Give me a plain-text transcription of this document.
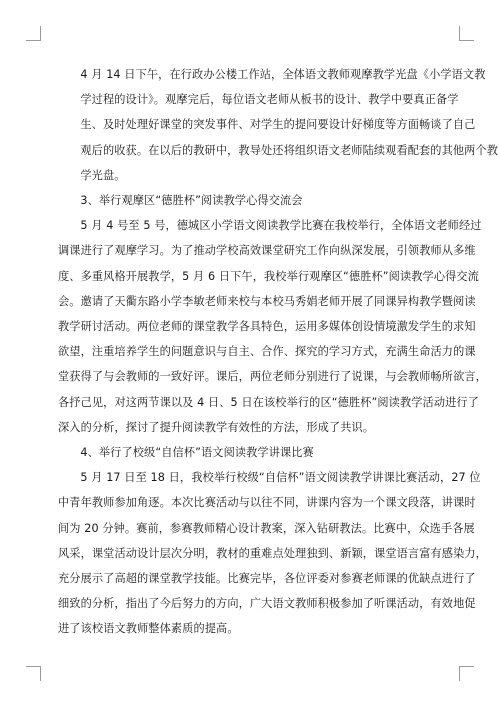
4 月 14 日下午，在行政办公楼工作站，全体语文教师观摩教学光盘《小学语文教
学过程的设计》。观摩完后，每位语文老师从板书的设计、教学中要真正备学
生、及时处理好课堂的突发事件、对学生的提问要设计好梯度等方面畅谈了自己
观后的收获。在以后的教研中，教导处还将组织语文老师陆续观看配套的其他两个教
学光盘。
3、举行观摩区“德胜杯”阅读教学心得交流会
5 月 4 号至 5 号，德城区小学语文阅读教学比赛在我校举行，全体语文老师经过
调课进行了观摩学习。为了推动学校高效课堂研究工作向纵深发展，引领教师从多维
度、多重风格开展教学，5 月 6 日下午，我校举行观摩区“德胜杯”阅读教学心得交流
会。邀请了天衢东路小学李敏老师来校与本校马秀娟老师开展了同课异构教学暨阅读
教学研讨活动。两位老师的课堂教学各具特色，运用多媒体创设情境激发学生的求知
欲望，注重培养学生的问题意识与自主、合作、探究的学习方式，充满生命活力的课
堂获得了与会教师的一致好评。课后，两位老师分别进行了说课，与会教师畅所欲言，
各抒己见，对这两节课以及 4 日、5 日在该校举行的区“德胜杯”阅读教学活动进行了
深入的分析，探讨了提升阅读教学有效性的方法，形成了共识。
4、举行了校级“自信杯”语文阅读教学讲课比赛
5 月 17 日至 18 日，我校举行校级“自信杯”语文阅读教学讲课比赛活动，27 位
中青年教师参加角逐。本次比赛活动与以往不同，讲课内容为一个课文段落，讲课时
间为 20 分钟。赛前，参赛教师精心设计教案，深入钻研教法。比赛中，众选手各展
风采，课堂活动设计层次分明，教材的重难点处理独到、新颖，课堂语言富有感染力，
充分展示了高超的课堂教学技能。比赛完毕，各位评委对参赛老师课的优缺点进行了
细致的分析，指出了今后努力的方向，广大语文教师积极参加了听课活动，有效地促
进了该校语文教师整体素质的提高。
